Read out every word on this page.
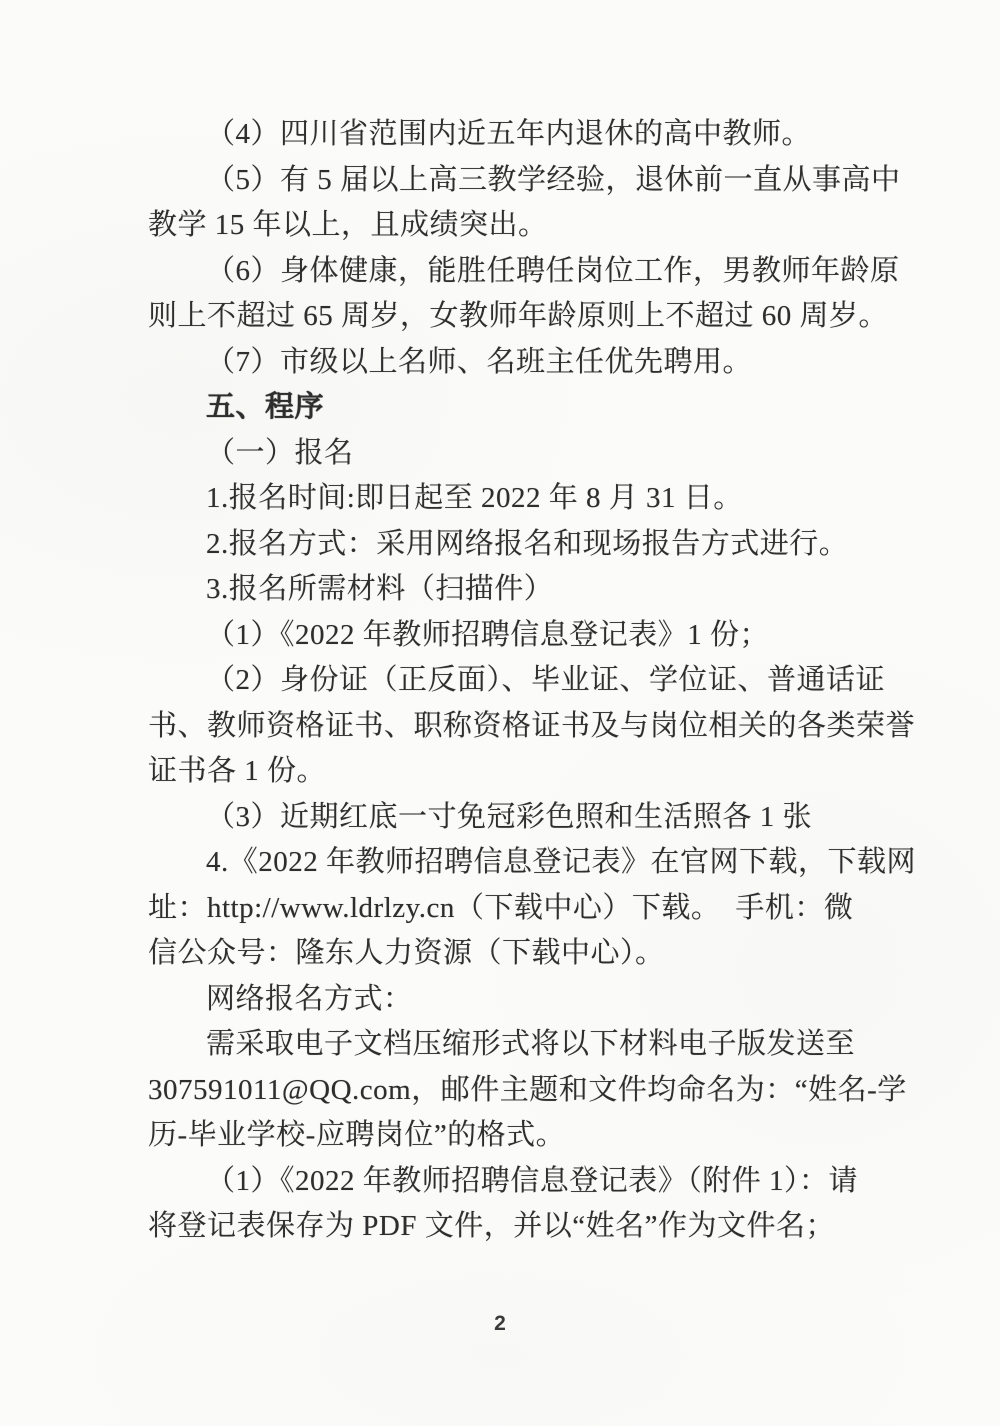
（4）四川省范围内近五年内退休的高中教师。
（5）有 5 届以上高三教学经验，退休前一直从事高中
教学 15 年以上，且成绩突出。
（6）身体健康，能胜任聘任岗位工作，男教师年龄原
则上不超过 65 周岁，女教师年龄原则上不超过 60 周岁。
（7）市级以上名师、名班主任优先聘用。
五、程序
（一）报名
1.报名时间:即日起至 2022 年 8 月 31 日。
2.报名方式：采用网络报名和现场报告方式进行。
3.报名所需材料（扫描件）
（1）《2022 年教师招聘信息登记表》1 份；
（2）身份证（正反面）、毕业证、学位证、普通话证
书、教师资格证书、职称资格证书及与岗位相关的各类荣誉
证书各 1 份。
（3）近期红底一寸免冠彩色照和生活照各 1 张
4.《2022 年教师招聘信息登记表》在官网下载，下载网
址：http://www.ldrlzy.cn（下载中心）下载。　手机：微
信公众号：隆东人力资源（下载中心）。
网络报名方式：
需采取电子文档压缩形式将以下材料电子版发送至
307591011@QQ.com，邮件主题和文件均命名为：“姓名-学
历-毕业学校-应聘岗位”的格式。
（1）《2022 年教师招聘信息登记表》（附件 1）：请
将登记表保存为 PDF 文件，并以“姓名”作为文件名；
2
